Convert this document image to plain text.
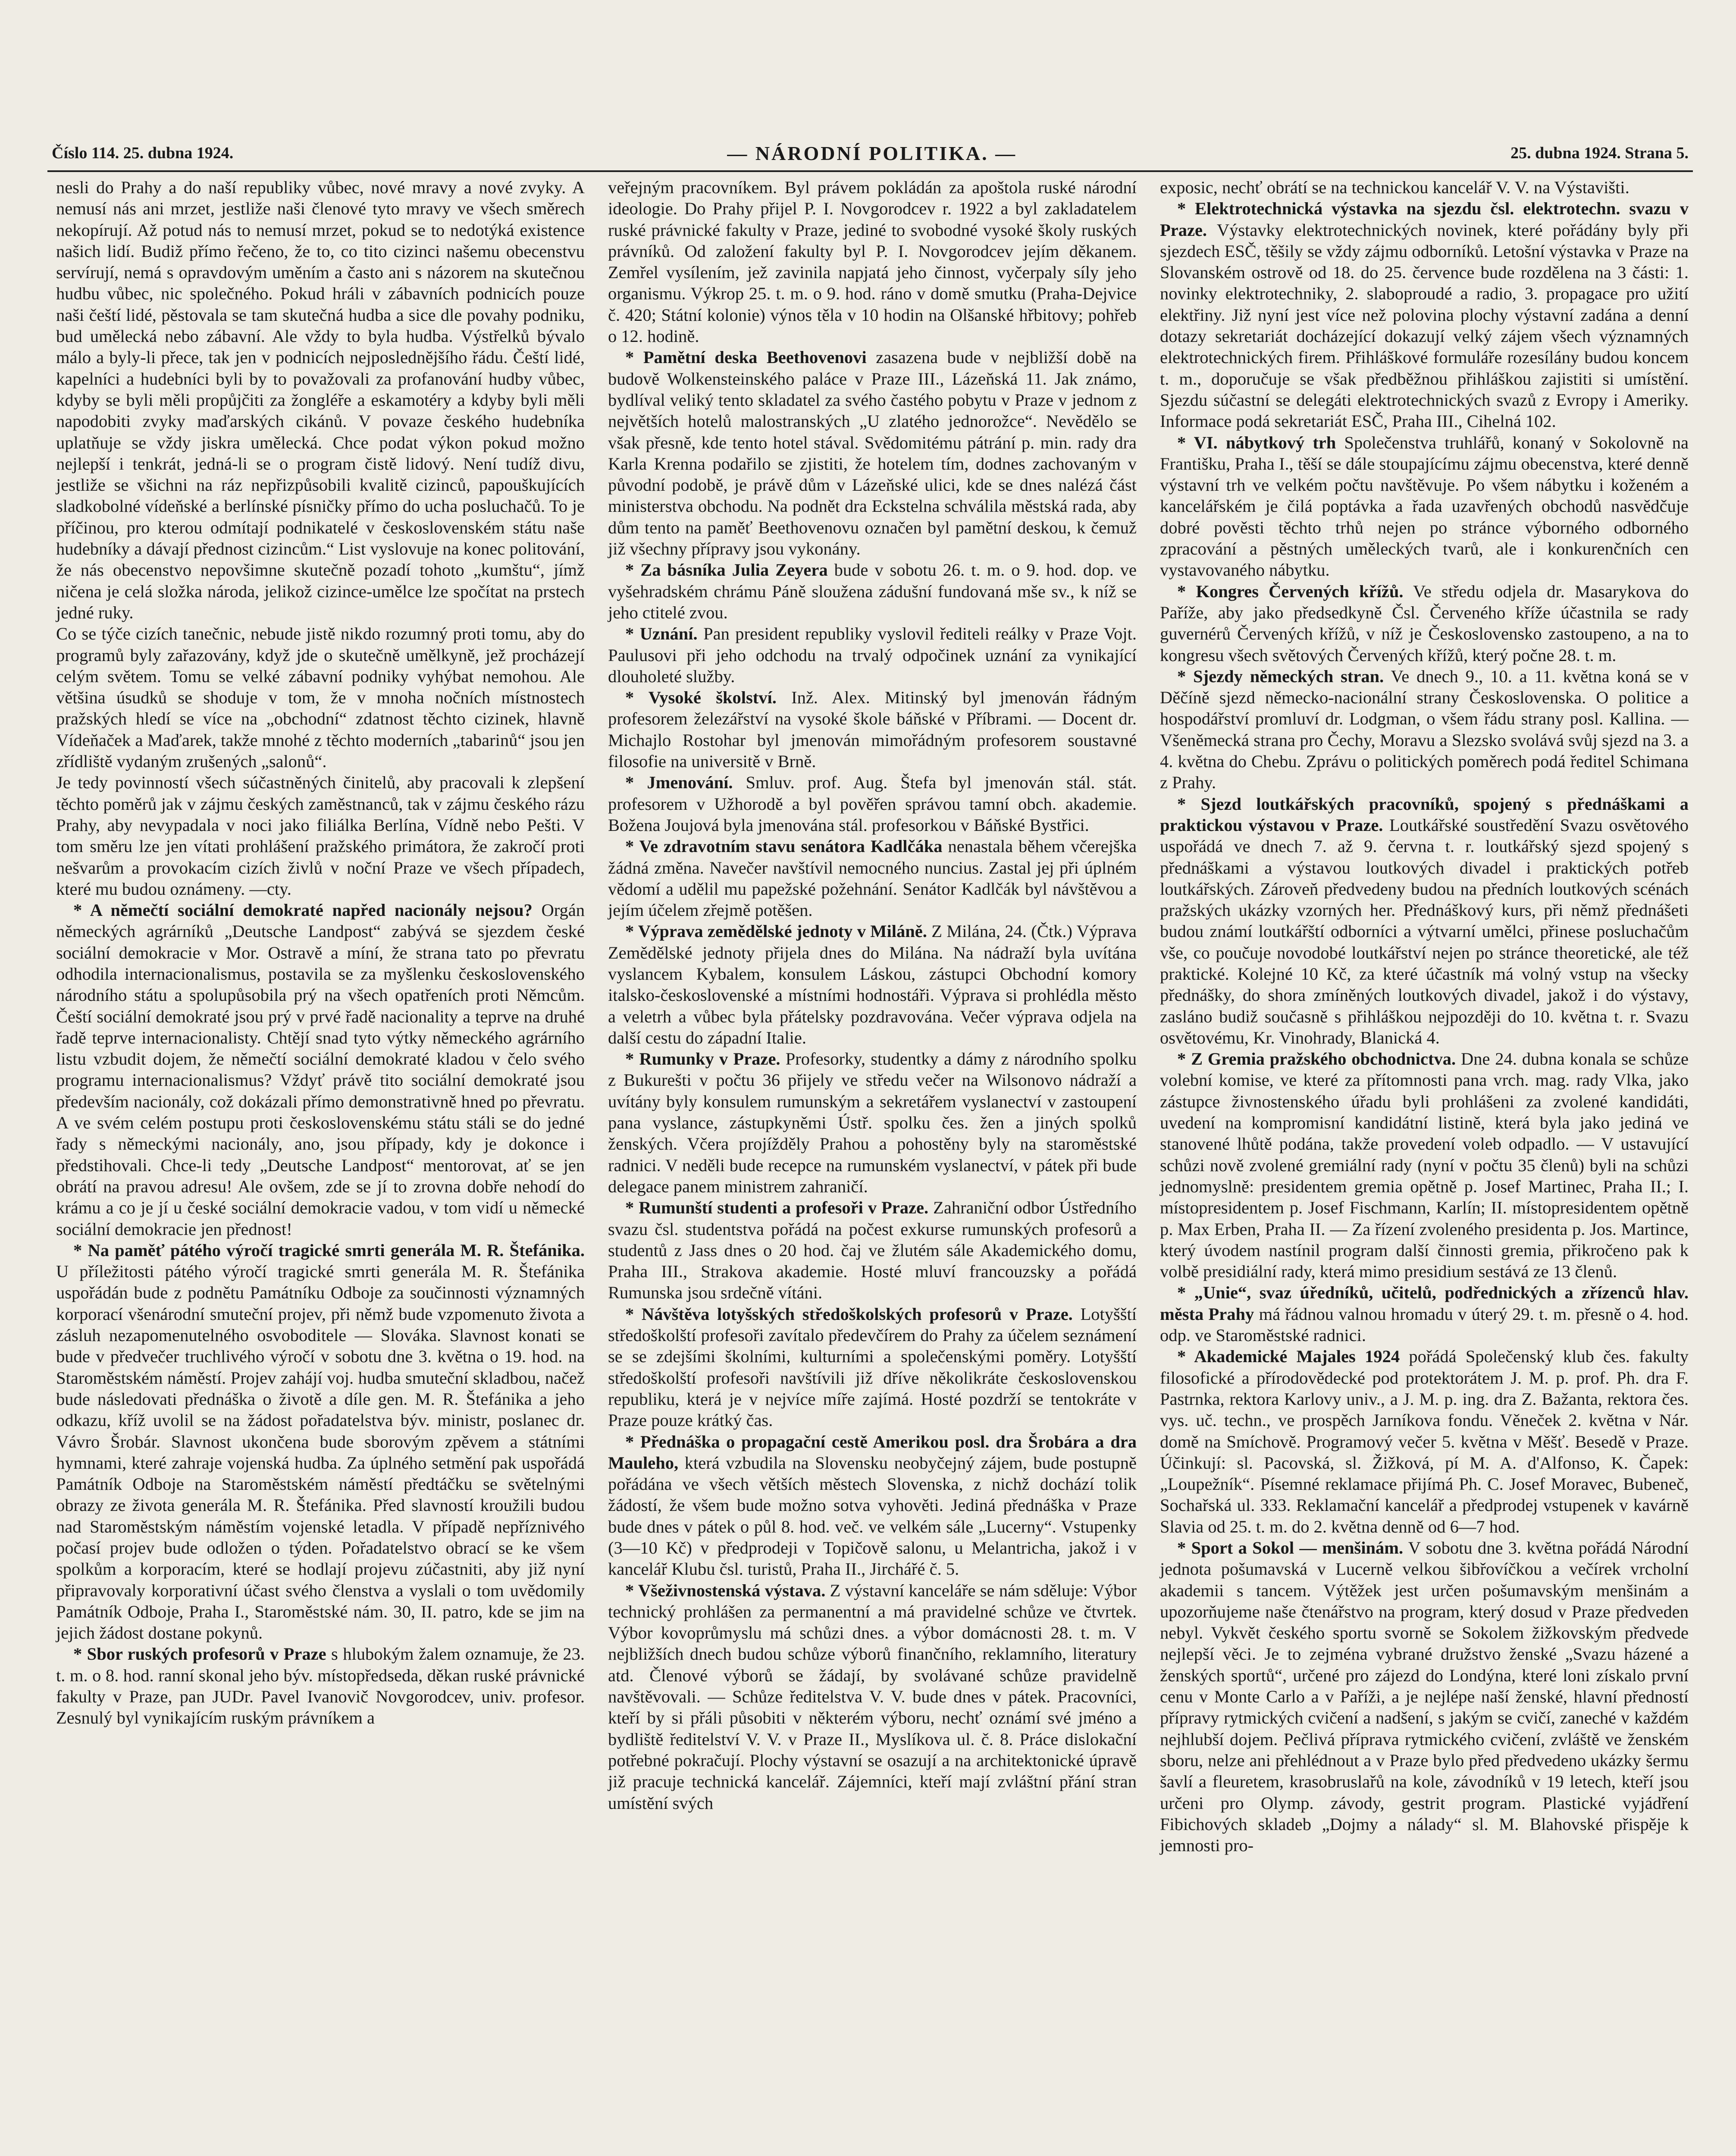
Číslo 114. 25. dubna 1924.	— NÁRODNÍ POLITIKA. —	25. dubna 1924. Strana 5.

nesli do Prahy a do naší republiky vůbec, nové mravy a nové zvyky. A nemusí nás ani mrzet, jestliže naši členové tyto mravy ve všech směrech nekopírují. Až potud nás to nemusí mrzet, pokud se to nedotýká existence našich lidí. Budiž přímo řečeno, že to, co tito cizinci našemu obecenstvu servírují, nemá s opravdovým uměním a často ani s názorem na skutečnou hudbu vůbec, nic společného. Pokud hráli v zábavních podnicích pouze naši čeští lidé, pěstovala se tam skutečná hudba a sice dle povahy podniku, bud umělecká nebo zábavní. Ale vždy to byla hudba. Výstřelků bývalo málo a byly-li přece, tak jen v podnicích nejposlednějšího řádu. Čeští lidé, kapelníci a hudebníci byli by to považovali za profanování hudby vůbec, kdyby se byli měli propůjčiti za žongléře a eskamotéry a kdyby byli měli napodobiti zvyky maďarských cikánů. V povaze českého hudebníka uplatňuje se vždy jiskra umělecká. Chce podat výkon pokud možno nejlepší i tenkrát, jedná-li se o program čistě lidový. Není tudíž divu, jestliže se všichni na ráz nepřizpůsobili kvalitě cizinců, papouškujících sladkobolné vídeňské a berlínské písničky přímo do ucha posluchačů. To je příčinou, pro kterou odmítají podnikatelé v československém státu naše hudebníky a dávají přednost cizincům.“ List vyslovuje na konec politování, že nás obecenstvo nepovšimne skutečně pozadí tohoto „kumštu“, jímž ničena je celá složka národa, jelikož cizince-umělce lze spočítat na prstech jedné ruky.

Co se týče cizích tanečnic, nebude jistě nikdo rozumný proti tomu, aby do programů byly zařazovány, když jde o skutečně umělkyně, jež procházejí celým světem. Tomu se velké zábavní podniky vyhýbat nemohou. Ale většina úsudků se shoduje v tom, že v mnoha nočních místnostech pražských hledí se více na „obchodní“ zdatnost těchto cizinek, hlavně Vídeňaček a Maďarek, takže mnohé z těchto moderních „tabarinů“ jsou jen zřídliště vydaným zrušených „salonů“.

Je tedy povinností všech súčastněných činitelů, aby pracovali k zlepšení těchto poměrů jak v zájmu českých zaměstnanců, tak v zájmu českého rázu Prahy, aby nevypadala v noci jako filiálka Berlína, Vídně nebo Pešti. V tom směru lze jen vítati prohlášení pražského primátora, že zakročí proti nešvarům a provokacím cizích živlů v noční Praze ve všech případech, které mu budou oznámeny. —cty.

* A němečtí sociální demokraté napřed nacionály nejsou? Orgán německých agrárníků „Deutsche Landpost“ zabývá se sjezdem české sociální demokracie v Mor. Ostravě a míní, že strana tato po převratu odhodila internacionalismus, postavila se za myšlenku československého národního státu a spolupůsobila prý na všech opatřeních proti Němcům. Čeští sociální demokraté jsou prý v prvé řadě nacionality a teprve na druhé řadě teprve internacionalisty. Chtějí snad tyto výtky německého agrárního listu vzbudit dojem, že němečtí sociální demokraté kladou v čelo svého programu internacionalismus? Vždyť právě tito sociální demokraté jsou především nacionály, což dokázali přímo demonstrativně hned po převratu. A ve svém celém postupu proti československému státu stáli se do jedné řady s německými nacionály, ano, jsou případy, kdy je dokonce i předstihovali. Chce-li tedy „Deutsche Landpost“ mentorovat, ať se jen obrátí na pravou adresu! Ale ovšem, zde se jí to zrovna dobře nehodí do krámu a co je jí u české sociální demokracie vadou, v tom vidí u německé sociální demokracie jen přednost!

* Na paměť pátého výročí tragické smrti generála M. R. Štefánika. U příležitosti pátého výročí tragické smrti generála M. R. Štefánika uspořádán bude z podnětu Památníku Odboje za součinnosti významných korporací všenárodní smuteční projev, při němž bude vzpomenuto života a zásluh nezapomenutelného osvoboditele — Slováka. Slavnost konati se bude v předvečer truchlivého výročí v sobotu dne 3. května o 19. hod. na Staroměstském náměstí. Projev zahájí voj. hudba smuteční skladbou, načež bude následovati přednáška o životě a díle gen. M. R. Štefánika a jeho odkazu, kříž uvolil se na žádost pořadatelstva býv. ministr, poslanec dr. Vávro Šrobár. Slavnost ukončena bude sborovým zpěvem a státními hymnami, které zahraje vojenská hudba. Za úplného setmění pak uspořádá Památník Odboje na Staroměstském náměstí předtáčku se světelnými obrazy ze života generála M. R. Štefánika. Před slavností kroužili budou nad Staroměstským náměstím vojenské letadla. V případě nepříznivého počasí projev bude odložen o týden. Pořadatelstvo obrací se ke všem spolkům a korporacím, které se hodlají projevu zúčastniti, aby již nyní připravovaly korporativní účast svého členstva a vyslali o tom uvědomily Památník Odboje, Praha I., Staroměstské nám. 30, II. patro, kde se jim na jejich žádost dostane pokynů.

* Sbor ruských profesorů v Praze s hlubokým žalem oznamuje, že 23. t. m. o 8. hod. ranní skonal jeho býv. místopředseda, děkan ruské právnické fakulty v Praze, pan JUDr. Pavel Ivanovič Novgorodcev, univ. profesor. Zesnulý byl vynikajícím ruským právníkem a

veřejným pracovníkem. Byl právem pokládán za apoštola ruské národní ideologie. Do Prahy přijel P. I. Novgorodcev r. 1922 a byl zakladatelem ruské právnické fakulty v Praze, jediné to svobodné vysoké školy ruských právníků. Od založení fakulty byl P. I. Novgorodcev jejím děkanem. Zemřel vysílením, jež zavinila napjatá jeho činnost, vyčerpaly síly jeho organismu. Výkrop 25. t. m. o 9. hod. ráno v domě smutku (Praha-Dejvice č. 420; Státní kolonie) výnos těla v 10 hodin na Olšanské hřbitovy; pohřeb o 12. hodině.

* Pamětní deska Beethovenovi zasazena bude v nejbližší době na budově Wolkensteinského paláce v Praze III., Lázeňská 11. Jak známo, bydlíval veliký tento skladatel za svého častého pobytu v Praze v jednom z největších hotelů malostranských „U zlatého jednorožce“. Nevědělo se však přesně, kde tento hotel stával. Svědomitému pátrání p. min. rady dra Karla Krenna podařilo se zjistiti, že hotelem tím, dodnes zachovaným v původní podobě, je právě dům v Lázeňské ulici, kde se dnes nalézá část ministerstva obchodu. Na podnět dra Eckstelna schválila městská rada, aby dům tento na paměť Beethovenovu označen byl pamětní deskou, k čemuž již všechny přípravy jsou vykonány.

* Za básníka Julia Zeyera bude v sobotu 26. t. m. o 9. hod. dop. ve vyšehradském chrámu Páně sloužena zádušní fundovaná mše sv., k níž se jeho ctitelé zvou.

* Uznání. Pan president republiky vyslovil řediteli reálky v Praze Vojt. Paulusovi při jeho odchodu na trvalý odpočinek uznání za vynikající dlouholeté služby.

* Vysoké školství. Inž. Alex. Mitinský byl jmenován řádným profesorem železářství na vysoké škole báňské v Příbrami. — Docent dr. Michajlo Rostohar byl jmenován mimořádným profesorem soustavné filosofie na universitě v Brně.

* Jmenování. Smluv. prof. Aug. Štefa byl jmenován stál. stát. profesorem v Užhorodě a byl pověřen správou tamní obch. akademie. Božena Joujová byla jmenována stál. profesorkou v Báňské Bystřici.

* Ve zdravotním stavu senátora Kadlčáka nenastala během včerejška žádná změna. Navečer navštívil nemocného nuncius. Zastal jej při úplném vědomí a udělil mu papežské požehnání. Senátor Kadlčák byl návštěvou a jejím účelem zřejmě potěšen.

* Výprava zemědělské jednoty v Miláně. Z Milána, 24. (Čtk.) Výprava Zemědělské jednoty přijela dnes do Milána. Na nádraží byla uvítána vyslancem Kybalem, konsulem Láskou, zástupci Obchodní komory italsko-československé a místními hodnostáři. Výprava si prohlédla město a veletrh a vůbec byla přátelsky pozdravována. Večer výprava odjela na další cestu do západní Italie.

* Rumunky v Praze. Profesorky, studentky a dámy z národního spolku z Bukurešti v počtu 36 přijely ve středu večer na Wilsonovo nádraží a uvítány byly konsulem rumunským a sekretářem vyslanectví v zastoupení pana vyslance, zástupkyněmi Ústř. spolku čes. žen a jiných spolků ženských. Včera projížděly Prahou a pohostěny byly na staroměstské radnici. V neděli bude recepce na rumunském vyslanectví, v pátek při bude delegace panem ministrem zahraničí.

* Rumunští studenti a profesoři v Praze. Zahraniční odbor Ústředního svazu čsl. studentstva pořádá na počest exkurse rumunských profesorů a studentů z Jass dnes o 20 hod. čaj ve žlutém sále Akademického domu, Praha III., Strakova akademie. Hosté mluví francouzsky a pořádá Rumunska jsou srdečně vítáni.

* Návštěva lotyšských středoškolských profesorů v Praze. Lotyšští středoškolští profesoři zavítalo předevčírem do Prahy za účelem seznámení se se zdejšími školními, kulturními a společenskými poměry. Lotyšští středoškolští profesoři navštívili již dříve několikráte československou republiku, která je v nejvíce míře zajímá. Hosté pozdrží se tentokráte v Praze pouze krátký čas.

* Přednáška o propagační cestě Amerikou posl. dra Šrobára a dra Mauleho, která vzbudila na Slovensku neobyčejný zájem, bude postupně pořádána ve všech větších městech Slovenska, z nichž dochází tolik žádostí, že všem bude možno sotva vyhověti. Jediná přednáška v Praze bude dnes v pátek o půl 8. hod. več. ve velkém sále „Lucerny“. Vstupenky (3—10 Kč) v předprodeji v Topičově salonu, u Melantricha, jakož i v kancelář Klubu čsl. turistů, Praha II., Jirchářé č. 5.

* Všeživnostenská výstava. Z výstavní kanceláře se nám sděluje: Výbor technický prohlášen za permanentní a má pravidelné schůze ve čtvrtek. Výbor kovoprůmyslu má schůzi dnes. a výbor domácnosti 28. t. m. V nejbližších dnech budou schůze výborů finančního, reklamního, literatury atd. Členové výborů se žádají, by svolávané schůze pravidelně navštěvovali. — Schůze ředitelstva V. V. bude dnes v pátek. Pracovníci, kteří by si přáli působiti v některém výboru, nechť oznámí své jméno a bydliště ředitelství V. V. v Praze II., Myslíkova ul. č. 8. Práce dislokační potřebné pokračují. Plochy výstavní se osazují a na architektonické úpravě již pracuje technická kancelář. Zájemníci, kteří mají zvláštní přání stran umístění svých

exposic, nechť obrátí se na technickou kancelář V. V. na Výstavišti.

* Elektrotechnická výstavka na sjezdu čsl. elektrotechn. svazu v Praze. Výstavky elektrotechnických novinek, které pořádány byly při sjezdech ESČ, těšily se vždy zájmu odborníků. Letošní výstavka v Praze na Slovanském ostrově od 18. do 25. července bude rozdělena na 3 části: 1. novinky elektrotechniky, 2. slaboproudé a radio, 3. propagace pro užití elektřiny. Již nyní jest více než polovina plochy výstavní zadána a denní dotazy sekretariát docházející dokazují velký zájem všech významných elektrotechnických firem. Přihláškové formuláře rozesílány budou koncem t. m., doporučuje se však předběžnou přihláškou zajistiti si umístění. Sjezdu súčastní se delegáti elektrotechnických svazů z Evropy i Ameriky. Informace podá sekretariát ESČ, Praha III., Cihelná 102.

* VI. nábytkový trh Společenstva truhlářů, konaný v Sokolovně na Františku, Praha I., těší se dále stoupajícímu zájmu obecenstva, které denně výstavní trh ve velkém počtu navštěvuje. Po všem nábytku i koženém a kancelářském je čilá poptávka a řada uzavřených obchodů nasvědčuje dobré pověsti těchto trhů nejen po stránce výborného odborného zpracování a pěstných uměleckých tvarů, ale i konkurenčních cen vystavovaného nábytku.

* Kongres Červených křížů. Ve středu odjela dr. Masarykova do Paříže, aby jako předsedkyně Čsl. Červeného kříže účastnila se rady guvernérů Červených křížů, v níž je Československo zastoupeno, a na to kongresu všech světových Červených křížů, který počne 28. t. m.

* Sjezdy německých stran. Ve dnech 9., 10. a 11. května koná se v Děčíně sjezd německo-nacionální strany Československa. O politice a hospodářství promluví dr. Lodgman, o všem řádu strany posl. Kallina. — Všeněmecká strana pro Čechy, Moravu a Slezsko svolává svůj sjezd na 3. a 4. května do Chebu. Zprávu o politických poměrech podá ředitel Schimana z Prahy.

* Sjezd loutkářských pracovníků, spojený s přednáškami a praktickou výstavou v Praze. Loutkářské soustředění Svazu osvětového uspořádá ve dnech 7. až 9. června t. r. loutkářský sjezd spojený s přednáškami a výstavou loutkových divadel i praktických potřeb loutkářských. Zároveň předvedeny budou na předních loutkových scénách pražských ukázky vzorných her. Přednáškový kurs, při němž přednášeti budou známí loutkářští odborníci a výtvarní umělci, přinese posluchačům vše, co poučuje novodobé loutkářství nejen po stránce theoretické, ale též praktické. Kolejné 10 Kč, za které účastník má volný vstup na všecky přednášky, do shora zmíněných loutkových divadel, jakož i do výstavy, zasláno budiž současně s přihláškou nejpozději do 10. května t. r. Svazu osvětovému, Kr. Vinohrady, Blanická 4.

* Z Gremia pražského obchodnictva. Dne 24. dubna konala se schůze volební komise, ve které za přítomnosti pana vrch. mag. rady Vlka, jako zástupce živnostenského úřadu byli prohlášeni za zvolené kandidáti, uvedení na kompromisní kandidátní listině, která byla jako jediná ve stanovené lhůtě podána, takže provedení voleb odpadlo. — V ustavující schůzi nově zvolené gremiální rady (nyní v počtu 35 členů) byli na schůzi jednomyslně: presidentem gremia opětně p. Josef Martinec, Praha II.; I. místopresidentem p. Josef Fischmann, Karlín; II. místopresidentem opětně p. Max Erben, Praha II. — Za řízení zvoleného presidenta p. Jos. Martince, který úvodem nastínil program další činnosti gremia, přikročeno pak k volbě presidiální rady, která mimo presidium sestává ze 13 členů.

* „Unie“, svaz úředníků, učitelů, podřednických a zřízenců hlav. města Prahy má řádnou valnou hromadu v úterý 29. t. m. přesně o 4. hod. odp. ve Staroměstské radnici.

* Akademické Majales 1924 pořádá Společenský klub čes. fakulty filosofické a přírodovědecké pod protektorátem J. M. p. prof. Ph. dra F. Pastrnka, rektora Karlovy univ., a J. M. p. ing. dra Z. Bažanta, rektora čes. vys. uč. techn., ve prospěch Jarníkova fondu. Věneček 2. května v Nár. domě na Smíchově. Programový večer 5. května v Měšť. Besedě v Praze. Účinkují: sl. Pacovská, sl. Žižková, pí M. A. d'Alfonso, K. Čapek: „Loupežník“. Písemné reklamace přijímá Ph. C. Josef Moravec, Bubeneč, Sochařská ul. 333. Reklamační kancelář a předprodej vstupenek v kavárně Slavia od 25. t. m. do 2. května denně od 6—7 hod.

* Sport a Sokol — menšinám. V sobotu dne 3. května pořádá Národní jednota pošumavská v Lucerně velkou šibřovíčkou a večírek vrcholní akademii s tancem. Výtěžek jest určen pošumavským menšinám a upozorňujeme naše čtenářstvo na program, který dosud v Praze předveden nebyl. Vykvět českého sportu svorně se Sokolem žižkovským předvede nejlepší věci. Je to zejména vybrané družstvo ženské „Svazu házené a ženských sportů“, určené pro zájezd do Londýna, které loni získalo první cenu v Monte Carlo a v Paříži, a je nejlépe naší ženské, hlavní předností přípravy rytmických cvičení a nadšení, s jakým se cvičí, zaneché v každém nejhlubší dojem. Pečlivá příprava rytmického cvičení, zvláště ve ženském sboru, nelze ani přehlédnout a v Praze bylo před předvedeno ukázky šermu šavlí a fleuretem, krasobruslařů na kole, závodníků v 19 letech, kteří jsou určeni pro Olymp. závody, gestrit program. Plastické vyjádření Fibichových skladeb „Dojmy a nálady“ sl. M. Blahovské přispěje k jemnosti pro-
